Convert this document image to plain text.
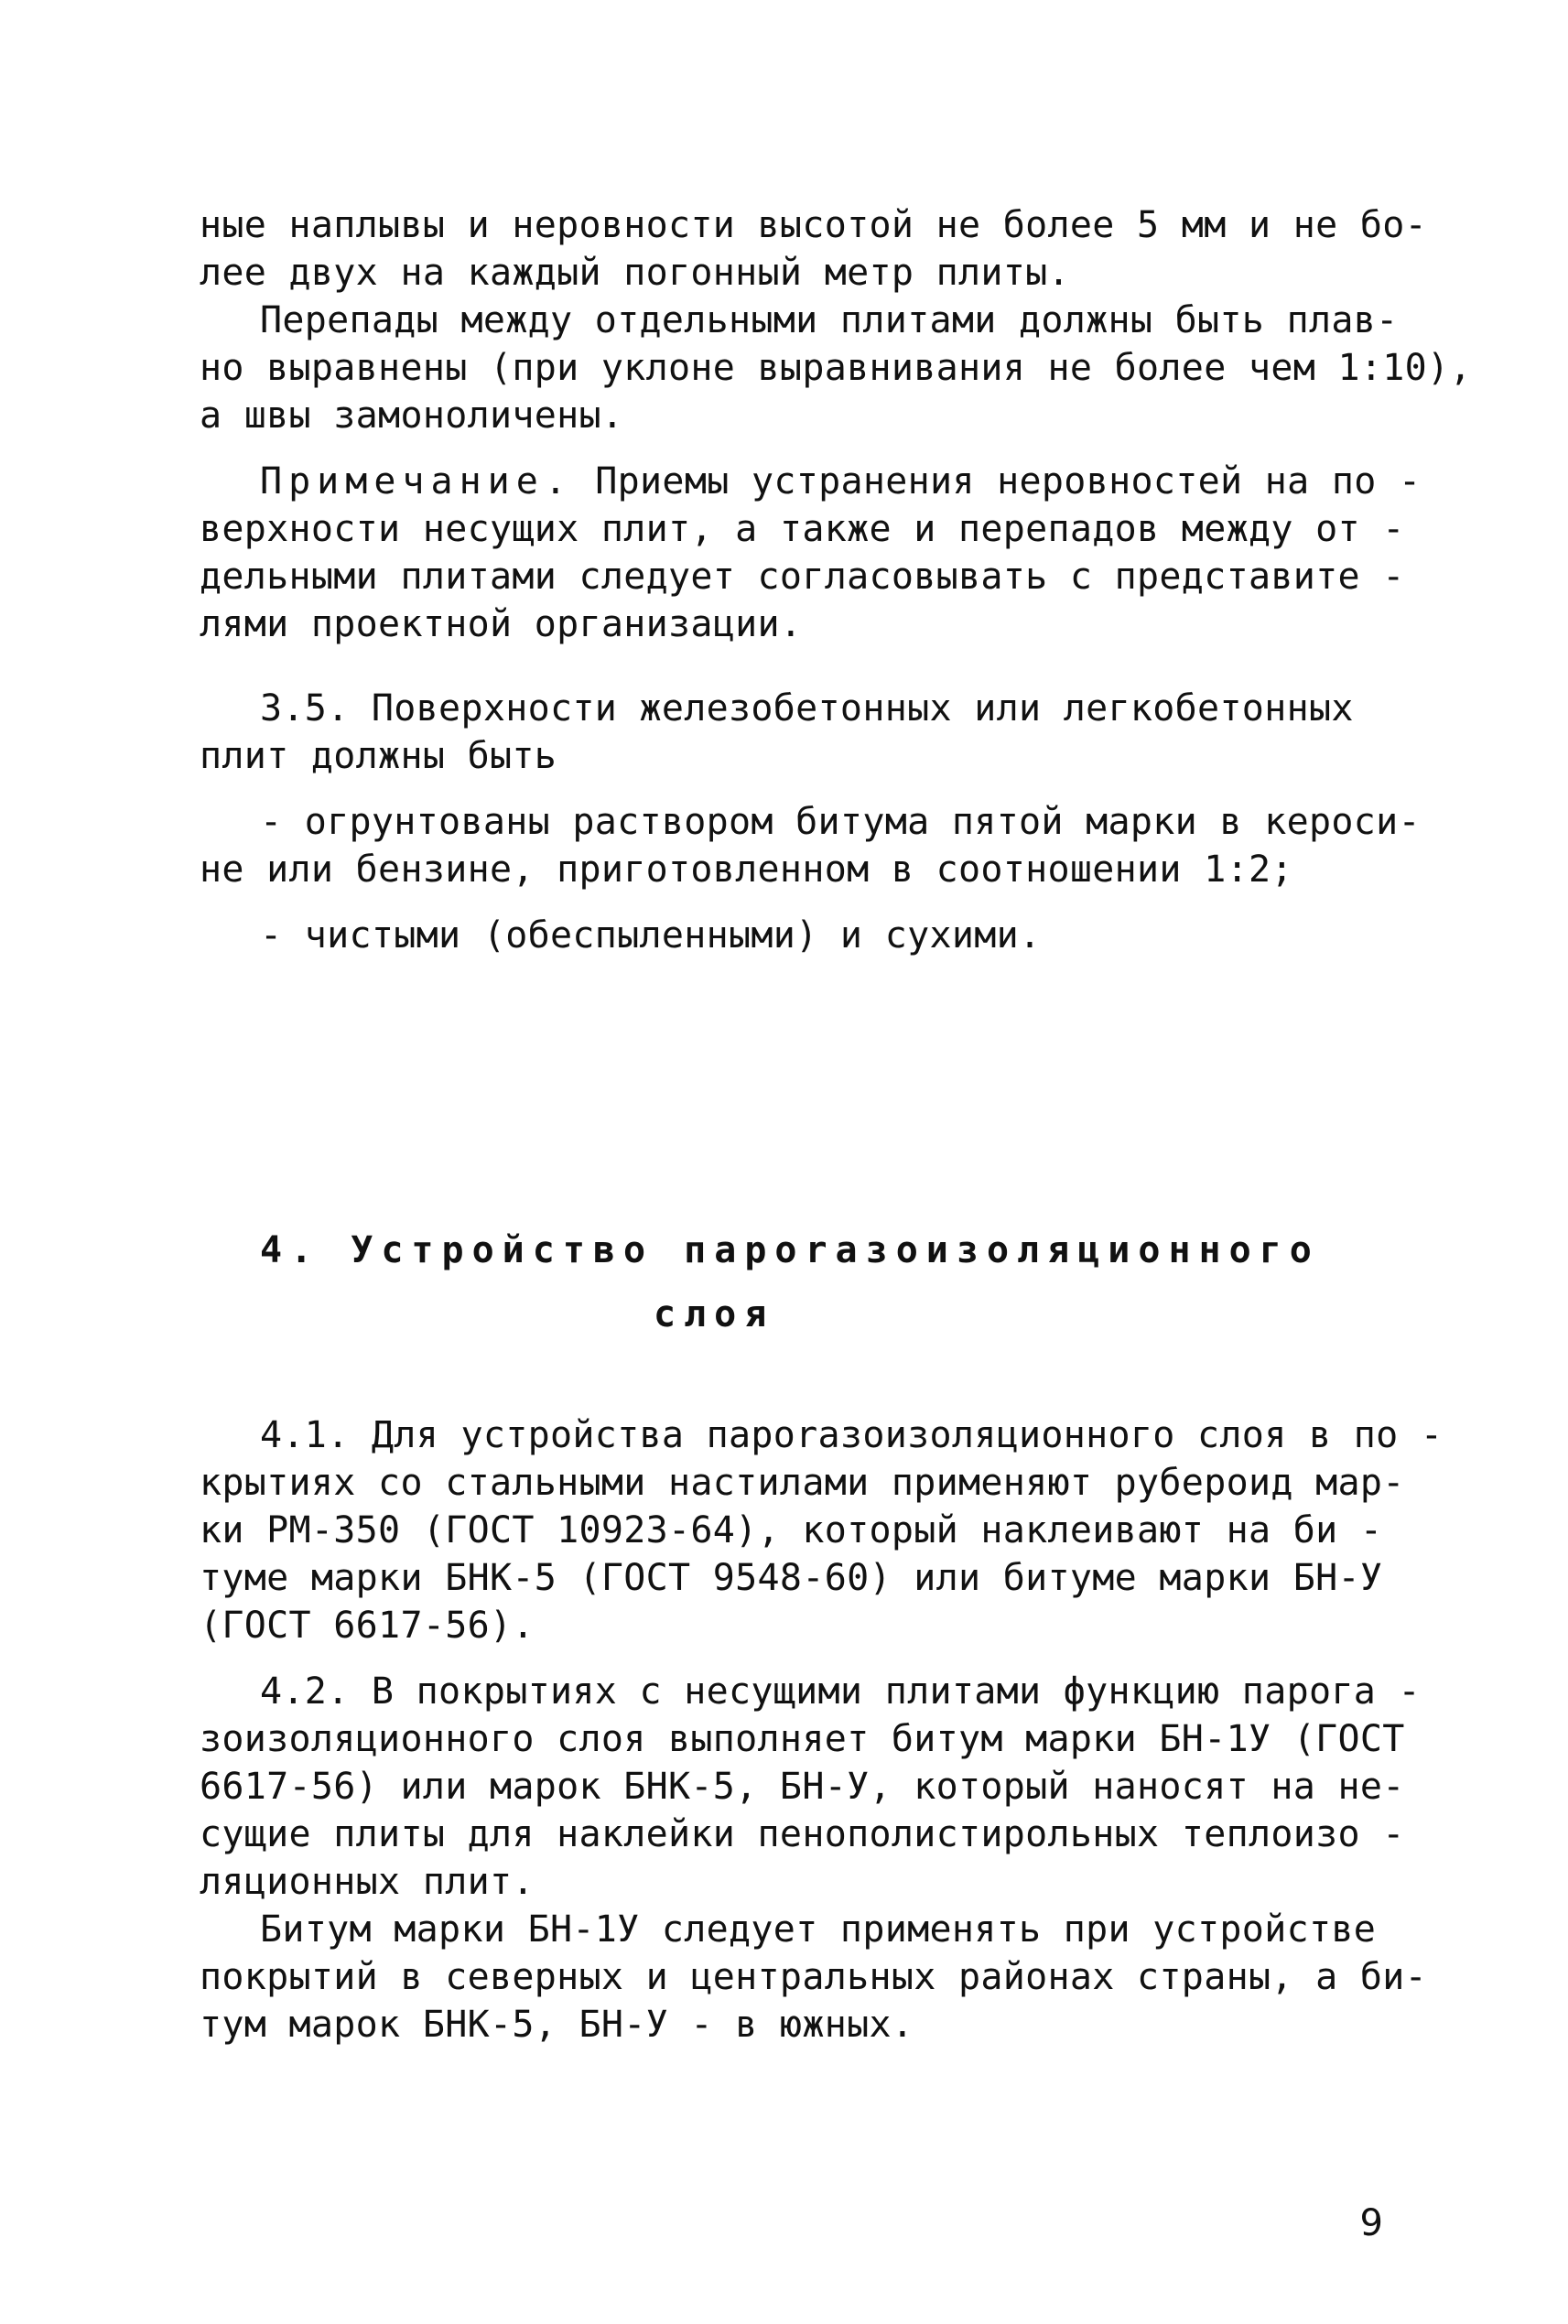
ные наплывы и неровности высотой не более 5 мм и не бо-
лее двух на каждый погонный метр плиты.
Перепады между отдельными плитами должны быть плав-
но выравнены (при уклоне выравнивания не более чем 1:10),
а швы замоноличены.
Примечание. Приемы устранения неровностей на по -
верхности несущих плит, а также и перепадов между от -
дельными плитами следует согласовывать с представите -
лями проектной организации.
3.5. Поверхности железобетонных или легкобетонных
плит должны быть
- огрунтованы раствором битума пятой марки в кероси-
не или бензине, приготовленном в соотношении 1:2;
- чистыми (обеспыленными) и сухими.
4. Устройство пароrазоизоляционного
слоя
4.1. Для устройства пароrазоизоляционного слоя в по -
крытиях со стальными настилами применяют рубероид мар-
ки РМ-350 (ГОСТ 10923-64), который наклеивают на би -
туме марки БНК-5 (ГОСТ 9548-60) или битуме марки БН-У
(ГОСТ 6617-56).
4.2. В покрытиях с несущими плитами функцию парога -
зоизоляционного слоя выполняет битум марки БН-1У (ГОСТ
6617-56) или марок БНК-5, БН-У, который наносят на не-
сущие плиты для наклейки пенополистирольных теплоизо -
ляционных плит.
Битум марки БН-1У следует применять при устройстве
покрытий в северных и центральных районах страны, а би-
тум марок БНК-5, БН-У - в южных.
9
